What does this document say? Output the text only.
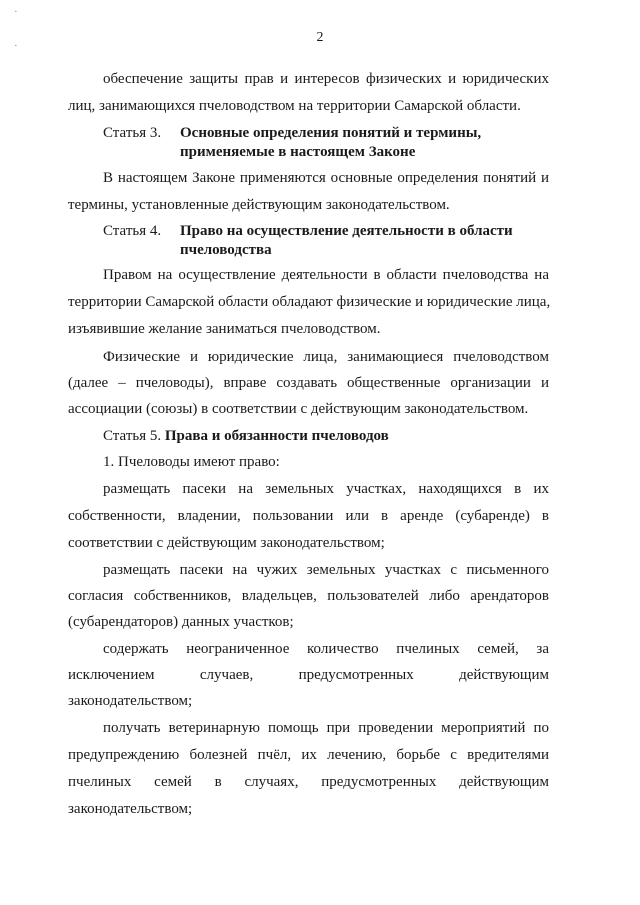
·
·
2
обеспечение защиты прав и интересов физических и юридических
лиц, занимающихся пчеловодством на территории Самарской области.
Статья 3. Основные определения понятий и термины,
применяемые в настоящем Законе
В настоящем Законе применяются основные определения понятий и
термины, установленные действующим законодательством.
Статья 4. Право на осуществление деятельности в области
пчеловодства
Правом на осуществление деятельности в области пчеловодства на
территории Самарской области обладают физические и юридические лица,
изъявившие желание заниматься пчеловодством.
Физические и юридические лица, занимающиеся пчеловодством
(далее – пчеловоды), вправе создавать общественные организации и
ассоциации (союзы) в соответствии с действующим законодательством.
Статья 5. Права и обязанности пчеловодов
1. Пчеловоды имеют право:
размещать пасеки на земельных участках, находящихся в их
собственности, владении, пользовании или в аренде (субаренде) в
соответствии с действующим законодательством;
размещать пасеки на чужих земельных участках с письменного
согласия собственников, владельцев, пользователей либо арендаторов
(субарендаторов) данных участков;
содержать неограниченное количество пчелиных семей, за
исключением случаев, предусмотренных действующим
законодательством;
получать ветеринарную помощь при проведении мероприятий по
предупреждению болезней пчёл, их лечению, борьбе с вредителями
пчелиных семей в случаях, предусмотренных действующим
законодательством;
